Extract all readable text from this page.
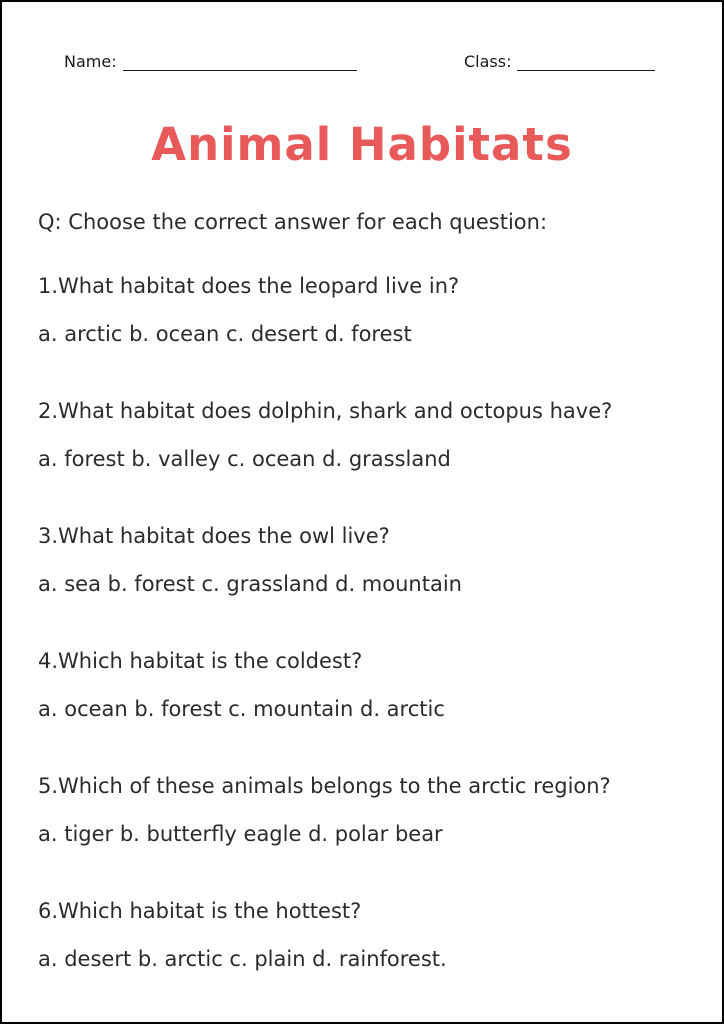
Name:	Class:
Animal Habitats
Q: Choose the correct answer for each question:
1.What habitat does the leopard live in?
a. arctic b. ocean c. desert d. forest
2.What habitat does dolphin, shark and octopus have?
a. forest b. valley c. ocean d. grassland
3.What habitat does the owl live?
a. sea b. forest c. grassland d. mountain
4.Which habitat is the coldest?
a. ocean b. forest c. mountain d. arctic
5.Which of these animals belongs to the arctic region?
a. tiger b. butterfly eagle d. polar bear
6.Which habitat is the hottest?
a. desert b. arctic c. plain d. rainforest.
